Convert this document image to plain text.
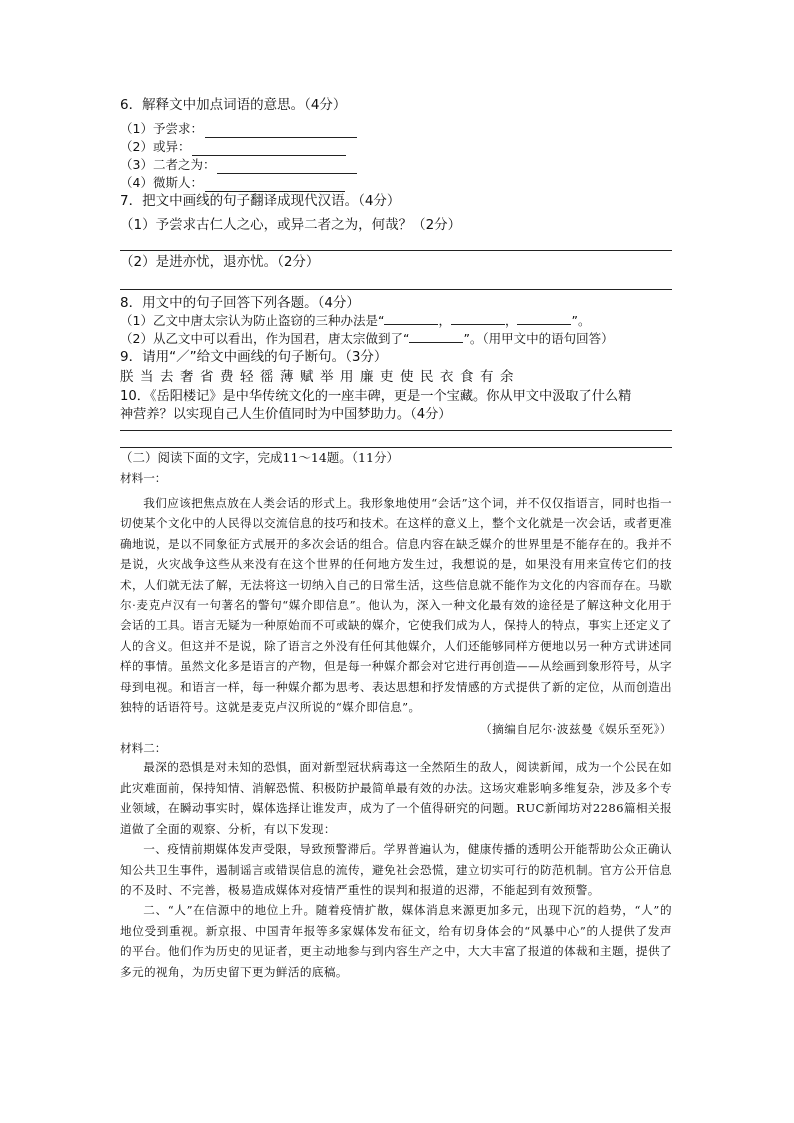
6．解释文中加点词语的意思。（4分）

（1）予尝求：
（2）或异：
（3）二者之为：
（4）微斯人：

7．把文中画线的句子翻译成现代汉语。（4分）

（1）予尝求古仁人之心，或异二者之为，何哉？（2分）

（2）是进亦忧，退亦忧。（2分）

8．用文中的句子回答下列各题。（4分）

（1）乙文中唐太宗认为防止盗窃的三种办法是“	，	，	”。

（2）从乙文中可以看出，作为国君，唐太宗做到了“	”。（用甲文中的语句回答）

9．请用“／”给文中画线的句子断句。（3分）

朕当去奢省费轻徭薄赋举用廉吏使民衣食有余

10．《岳阳楼记》是中华传统文化的一座丰碑，更是一个宝藏。你从甲文中汲取了什么精

神营养？以实现自己人生价值同时为中国梦助力。（4分）

（二）阅读下面的文字，完成11～14题。（11分）

材料一：

我们应该把焦点放在人类会话的形式上。我形象地使用“会话”这个词，并不仅仅指语言，同时也指一切使某个文化中的人民得以交流信息的技巧和技术。在这样的意义上，整个文化就是一次会话，或者更准确地说，是以不同象征方式展开的多次会话的组合。信息内容在缺乏媒介的世界里是不能存在的。我并不是说，火灾战争这些从来没有在这个世界的任何地方发生过，我想说的是，如果没有用来宣传它们的技术，人们就无法了解，无法将这一切纳入自己的日常生活，这些信息就不能作为文化的内容而存在。马歇尔·麦克卢汉有一句著名的警句“媒介即信息”。他认为，深入一种文化最有效的途径是了解这种文化用于会话的工具。语言无疑为一种原始而不可或缺的媒介，它使我们成为人，保持人的特点，事实上还定义了人的含义。但这并不是说，除了语言之外没有任何其他媒介，人们还能够同样方便地以另一种方式讲述同样的事情。虽然文化多是语言的产物，但是每一种媒介都会对它进行再创造——从绘画到象形符号，从字母到电视。和语言一样，每一种媒介都为思考、表达思想和抒发情感的方式提供了新的定位，从而创造出独特的话语符号。这就是麦克卢汉所说的“媒介即信息”。

（摘编自尼尔·波兹曼《娱乐至死》）

材料二：

最深的恐惧是对未知的恐惧，面对新型冠状病毒这一全然陌生的敌人，阅读新闻，成为一个公民在如此灾难面前，保持知情、消解恐慌、积极防护最简单最有效的办法。这场灾难影响多维复杂，涉及多个专业领域，在瞬动事实时，媒体选择让谁发声，成为了一个值得研究的问题。RUC新闻坊对2286篇相关报道做了全面的观察、分析，有以下发现：

一、疫情前期媒体发声受限，导致预警滞后。学界普遍认为，健康传播的透明公开能帮助公众正确认知公共卫生事件，遏制谣言或错误信息的流传，避免社会恐慌，建立切实可行的防范机制。官方公开信息的不及时、不完善，极易造成媒体对疫情严重性的误判和报道的迟滞，不能起到有效预警。

二、“人”在信源中的地位上升。随着疫情扩散，媒体消息来源更加多元，出现下沉的趋势，“人”的地位受到重视。新京报、中国青年报等多家媒体发布征文，给有切身体会的“风暴中心”的人提供了发声的平台。他们作为历史的见证者，更主动地参与到内容生产之中，大大丰富了报道的体裁和主题，提供了多元的视角，为历史留下更为鲜活的底稿。
